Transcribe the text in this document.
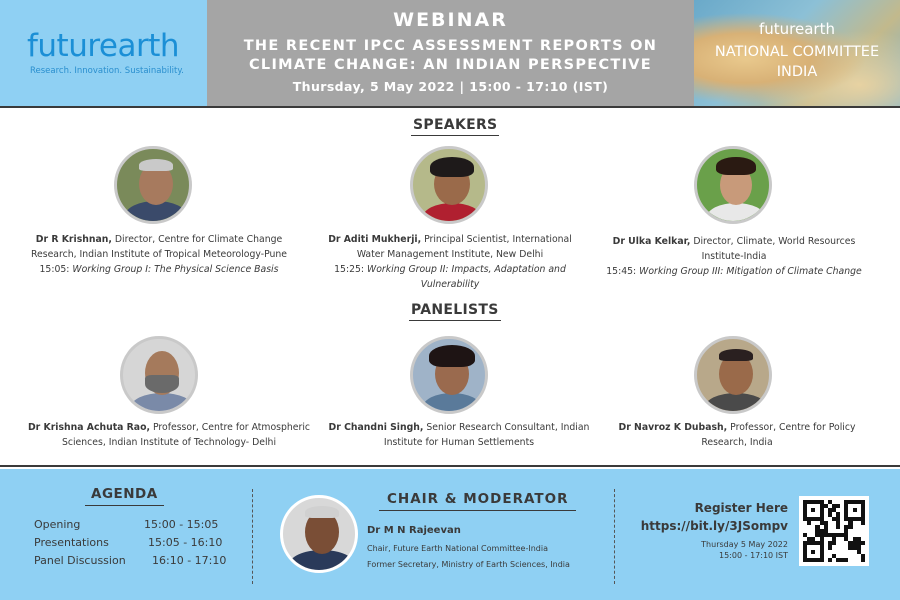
futurearth
Research. Innovation. Sustainability.
WEBINAR
THE RECENT IPCC ASSESSMENT REPORTS ON
CLIMATE CHANGE: AN INDIAN PERSPECTIVE
Thursday, 5 May 2022 | 15:00 - 17:10 (IST)
futurearth
NATIONAL COMMITTEE
INDIA
SPEAKERS
Dr R Krishnan, Director, Centre for Climate Change
Research, Indian Institute of Tropical Meteorology-Pune
15:05: Working Group I: The Physical Science Basis
Dr Aditi Mukherji, Principal Scientist, International
Water Management Institute, New Delhi
15:25: Working Group II: Impacts, Adaptation and
Vulnerability
Dr Ulka Kelkar, Director, Climate, World Resources
Institute-India
15:45: Working Group III: Mitigation of Climate Change
PANELISTS
Dr Krishna Achuta Rao, Professor, Centre for Atmospheric
Sciences, Indian Institute of Technology- Delhi
Dr Chandni Singh, Senior Research Consultant, Indian
Institute for Human Settlements
Dr Navroz K Dubash, Professor, Centre for Policy
Research, India
AGENDA
Opening	15:00 - 15:05
Presentations	15:05 - 16:10
Panel Discussion 16:10 - 17:10
CHAIR & MODERATOR
Dr M N Rajeevan
Chair, Future Earth National Committee-India
Former Secretary, Ministry of Earth Sciences, India
Register Here
https://bit.ly/3JSompv
Thursday 5 May 2022
15:00 - 17:10 IST
